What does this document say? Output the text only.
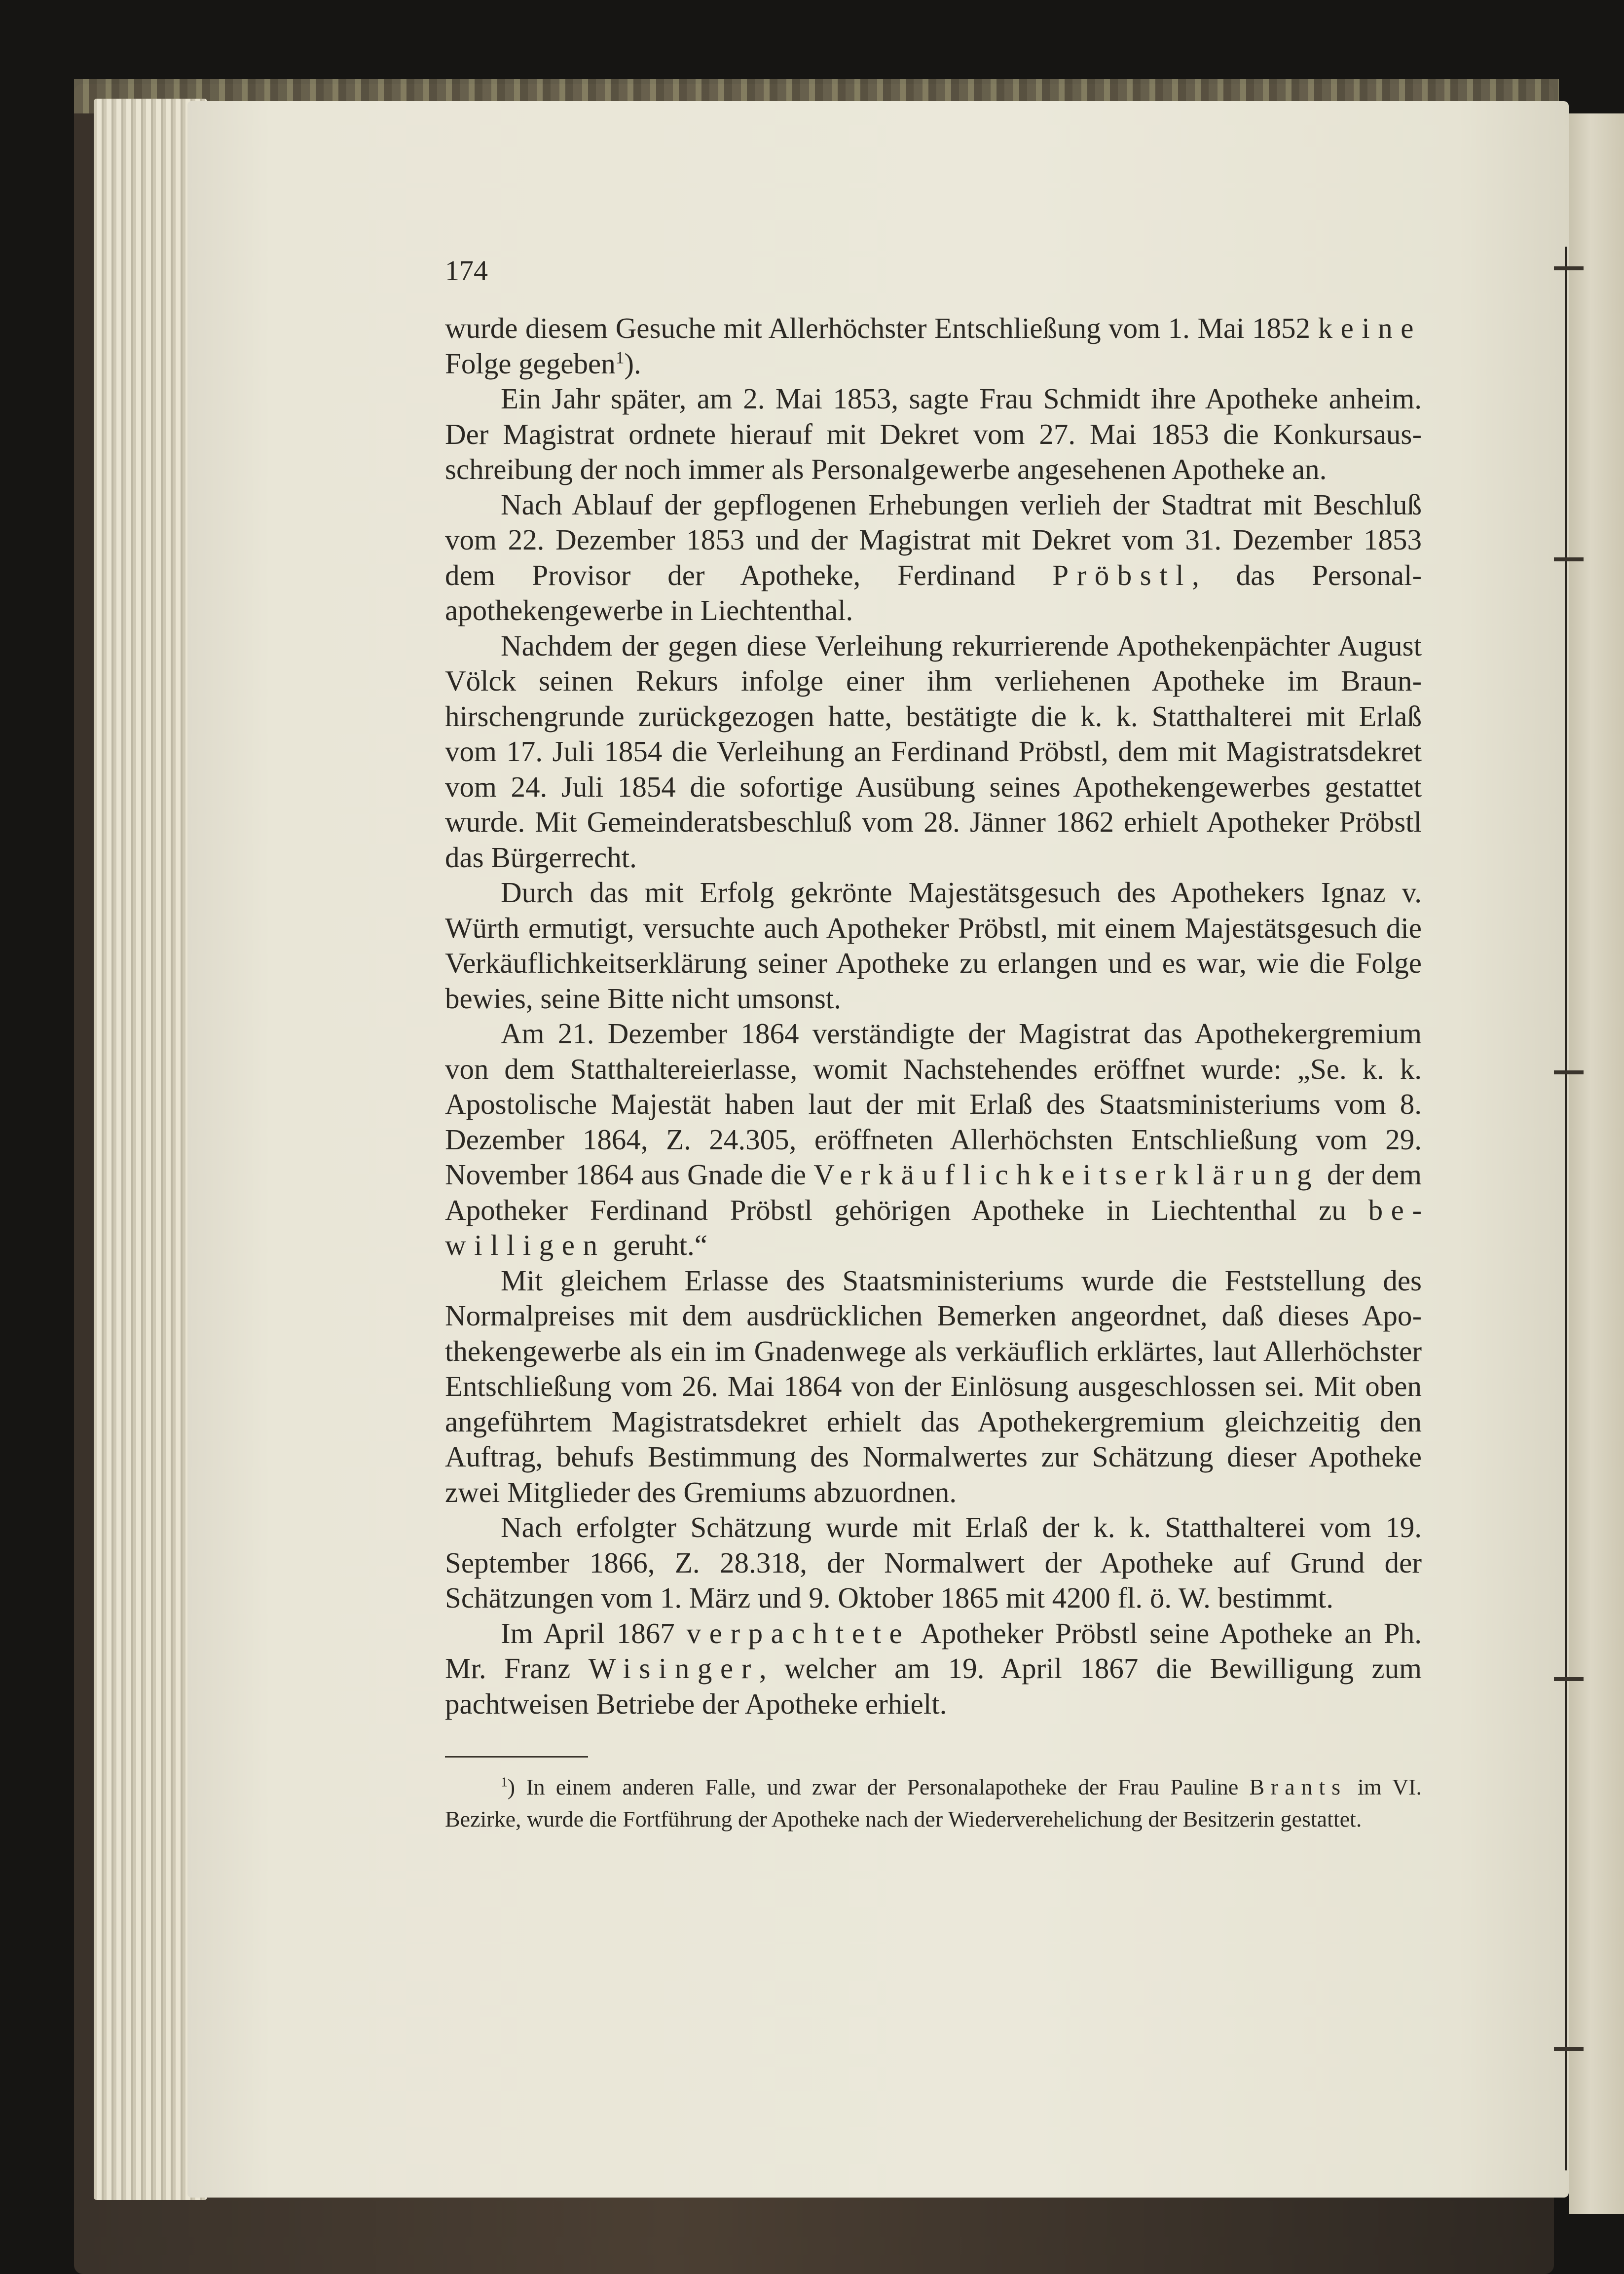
174

wurde diesem Gesuche mit Allerhöchster Entschließung vom 1. Mai 1852 keine Folge gegeben$^1$).

Ein Jahr später, am 2. Mai 1853, sagte Frau Schmidt ihre Apotheke anheim. Der Magistrat ordnete hierauf mit Dekret vom 27. Mai 1853 die Konkursausschreibung der noch immer als Personalgewerbe angesehenen Apotheke an.

Nach Ablauf der gepflogenen Erhebungen verlieh der Stadtrat mit Beschluß vom 22. Dezember 1853 und der Magistrat mit Dekret vom 31. Dezember 1853 dem Provisor der Apotheke, Ferdinand Pröbstl, das Personalapothekengewerbe in Liechtenthal.

Nachdem der gegen diese Verleihung rekurrierende Apothekenpächter August Völck seinen Rekurs infolge einer ihm verliehenen Apotheke im Braunhirschengrunde zurückgezogen hatte, bestätigte die k. k. Statthalterei mit Erlaß vom 17. Juli 1854 die Verleihung an Ferdinand Pröbstl, dem mit Magistratsdekret vom 24. Juli 1854 die sofortige Ausübung seines Apothekengewerbes gestattet wurde. Mit Gemeinderatsbeschluß vom 28. Jänner 1862 erhielt Apotheker Pröbstl das Bürgerrecht.

Durch das mit Erfolg gekrönte Majestätsgesuch des Apothekers Ignaz v. Würth ermutigt, versuchte auch Apotheker Pröbstl, mit einem Majestätsgesuch die Verkäuflichkeitserklärung seiner Apotheke zu erlangen und es war, wie die Folge bewies, seine Bitte nicht umsonst.

Am 21. Dezember 1864 verständigte der Magistrat das Apothekergremium von dem Statthaltereierlasse, womit Nachstehendes eröffnet wurde: „Se. k. k. Apostolische Majestät haben laut der mit Erlaß des Staatsministeriums vom 8. Dezember 1864, Z. 24.305, eröffneten Allerhöchsten Entschließung vom 29. November 1864 aus Gnade die Verkäuflichkeitserklärung der dem Apotheker Ferdinand Pröbstl gehörigen Apotheke in Liechtenthal zu bewilligen geruht.“

Mit gleichem Erlasse des Staatsministeriums wurde die Feststellung des Normalpreises mit dem ausdrücklichen Bemerken angeordnet, daß dieses Apothekengewerbe als ein im Gnadenwege als verkäuflich erklärtes, laut Allerhöchster Entschließung vom 26. Mai 1864 von der Einlösung ausgeschlossen sei. Mit oben angeführtem Magistratsdekret erhielt das Apothekergremium gleichzeitig den Auftrag, behufs Bestimmung des Normalwertes zur Schätzung dieser Apotheke zwei Mitglieder des Gremiums abzuordnen.

Nach erfolgter Schätzung wurde mit Erlaß der k. k. Statthalterei vom 19. September 1866, Z. 28.318, der Normalwert der Apotheke auf Grund der Schätzungen vom 1. März und 9. Oktober 1865 mit 4200 fl. ö. W. bestimmt.

Im April 1867 verpachtete Apotheker Pröbstl seine Apotheke an Ph. Mr. Franz Wisinger, welcher am 19. April 1867 die Bewilligung zum pachtweisen Betriebe der Apotheke erhielt.

$^1$) In einem anderen Falle, und zwar der Personalapotheke der Frau Pauline Brants im VI. Bezirke, wurde die Fortführung der Apotheke nach der Wiederverehelichung der Besitzerin gestattet.
